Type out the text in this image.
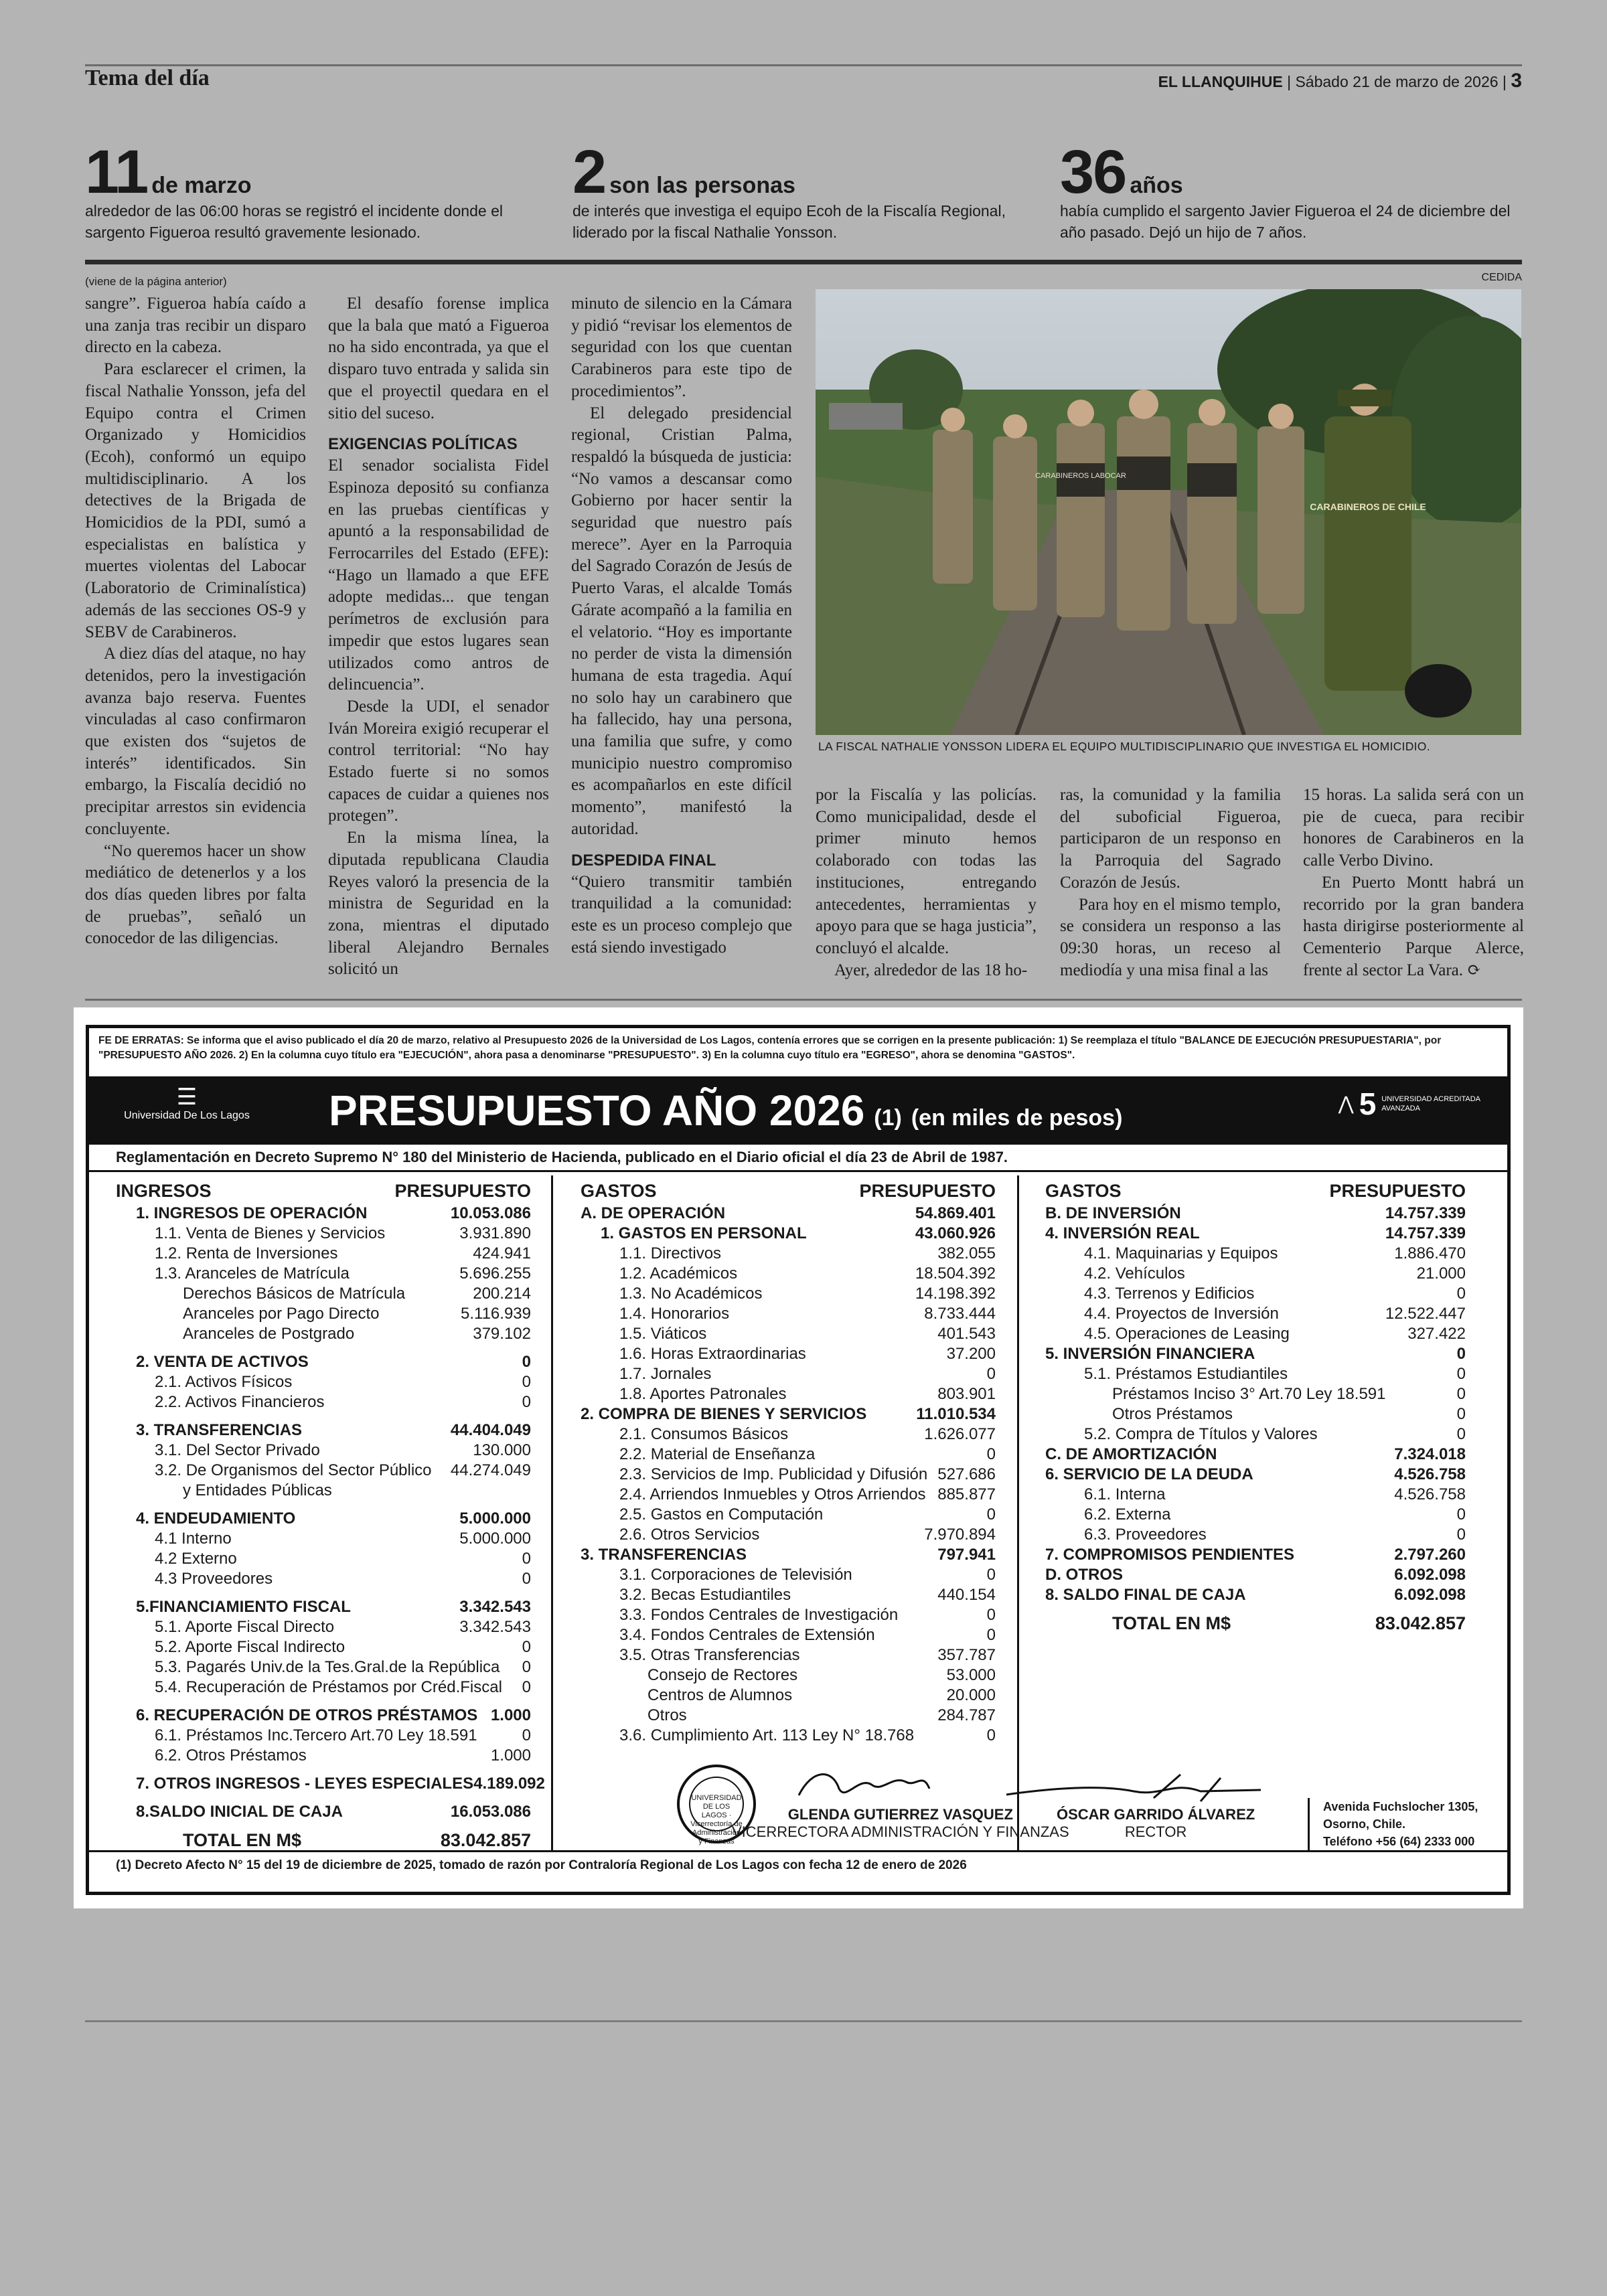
Tema del día	EL LLANQUIHUE | Sábado 21 de marzo de 2026 | 3
11 de marzo
alrededor de las 06:00 horas se registró el incidente donde el sargento Figueroa resultó gravemente lesionado.
2 son las personas
de interés que investiga el equipo Ecoh de la Fiscalía Regional, liderado por la fiscal Nathalie Yonsson.
36 años
había cumplido el sargento Javier Figueroa el 24 de diciembre del año pasado. Dejó un hijo de 7 años.
(viene de la página anterior)	CEDIDA

sangre”. Figueroa había caído a una zanja tras recibir un disparo directo en la cabeza.

Para esclarecer el crimen, la fiscal Nathalie Yonsson, jefa del Equipo contra el Crimen Organizado y Homicidios (Ecoh), conformó un equipo multidisciplinario. A los detectives de la Brigada de Homicidios de la PDI, sumó a especialistas en balística y muertes violentas del Labocar (Laboratorio de Criminalística) además de las secciones OS-9 y SEBV de Carabineros.

A diez días del ataque, no hay detenidos, pero la investigación avanza bajo reserva. Fuentes vinculadas al caso confirmaron que existen dos “sujetos de interés” identificados. Sin embargo, la Fiscalía decidió no precipitar arrestos sin evidencia concluyente.

“No queremos hacer un show mediático de detenerlos y a los dos días queden libres por falta de pruebas”, señaló un conocedor de las diligencias.

El desafío forense implica que la bala que mató a Figueroa no ha sido encontrada, ya que el disparo tuvo entrada y salida sin que el proyectil quedara en el sitio del suceso.

EXIGENCIAS POLÍTICAS

El senador socialista Fidel Espinoza depositó su confianza en las pruebas científicas y apuntó a la responsabilidad de Ferrocarriles del Estado (EFE): “Hago un llamado a que EFE adopte medidas... que tengan perímetros de exclusión para impedir que estos lugares sean utilizados como antros de delincuencia”.

Desde la UDI, el senador Iván Moreira exigió recuperar el control territorial: “No hay Estado fuerte si no somos capaces de cuidar a quienes nos protegen”.

En la misma línea, la diputada republicana Claudia Reyes valoró la presencia de la ministra de Seguridad en la zona, mientras el diputado liberal Alejandro Bernales solicitó un

minuto de silencio en la Cámara y pidió “revisar los elementos de seguridad con los que cuentan Carabineros para este tipo de procedimientos”.

El delegado presidencial regional, Cristian Palma, respaldó la búsqueda de justicia: “No vamos a descansar como Gobierno por hacer sentir la seguridad que nuestro país merece”. Ayer en la Parroquia del Sagrado Corazón de Jesús de Puerto Varas, el alcalde Tomás Gárate acompañó a la familia en el velatorio. “Hoy es importante no perder de vista la dimensión humana de esta tragedia. Aquí no solo hay un carabinero que ha fallecido, hay una persona, una familia que sufre, y como municipio nuestro compromiso es acompañarlos en este difícil momento”, manifestó la autoridad.

DESPEDIDA FINAL

“Quiero transmitir también tranquilidad a la comunidad: este es un proceso complejo que está siendo investigado

por la Fiscalía y las policías. Como municipalidad, desde el primer minuto hemos colaborado con todas las instituciones, entregando antecedentes, herramientas y apoyo para que se haga justicia”, concluyó el alcalde.

Ayer, alrededor de las 18 ho-

ras, la comunidad y la familia del suboficial Figueroa, participaron de un responso en la Parroquia del Sagrado Corazón de Jesús.

Para hoy en el mismo templo, se considera un responso a las 09:30 horas, un receso al mediodía y una misa final a las

15 horas. La salida será con un pie de cueca, para recibir honores de Carabineros en la calle Verbo Divino.

En Puerto Montt habrá un recorrido por la gran bandera hasta dirigirse posteriormente al Cementerio Parque Alerce, frente al sector La Vara. ⟳

CARABINEROS LABOCAR
CARABINEROS DE CHILE
LA FISCAL NATHALIE YONSSON LIDERA EL EQUIPO MULTIDISCIPLINARIO QUE INVESTIGA EL HOMICIDIO.
FE DE ERRATAS: Se informa que el aviso publicado el día 20 de marzo, relativo al Presupuesto 2026 de la Universidad de Los Lagos, contenía errores que se corrigen en la presente publicación: 1) Se reemplaza el título "BALANCE DE EJECUCIÓN PRESUPUESTARIA", por "PRESUPUESTO AÑO 2026. 2) En la columna cuyo título era "EJECUCIÓN", ahora pasa a denominarse "PRESUPUESTO". 3) En la columna cuyo título era "EGRESO", ahora se denomina "GASTOS".
☰
Universidad De Los Lagos PRESUPUESTO AÑO 2026 (1) (en miles de pesos)
⋀ 5 UNIVERSIDAD ACREDITADA
AVANZADA
Reglamentación en Decreto Supremo N° 180 del Ministerio de Hacienda, publicado en el Diario oficial el día 23 de Abril de 1987.
INGRESOS	PRESUPUESTO
1. INGRESOS DE OPERACIÓN	10.053.086
1.1. Venta de Bienes y Servicios	3.931.890
1.2. Renta de Inversiones	424.941
1.3. Aranceles de Matrícula	5.696.255
Derechos Básicos de Matrícula	200.214
Aranceles por Pago Directo	5.116.939
Aranceles de Postgrado	379.102
2. VENTA DE ACTIVOS	0
2.1. Activos Físicos	0
2.2. Activos Financieros	0
3. TRANSFERENCIAS	44.404.049
3.1. Del Sector Privado	130.000
3.2. De Organismos del Sector Público 44.274.049
y Entidades Públicas
4. ENDEUDAMIENTO	5.000.000
4.1 Interno	5.000.000
4.2 Externo	0
4.3 Proveedores	0
5.FINANCIAMIENTO FISCAL	3.342.543
5.1. Aporte Fiscal Directo	3.342.543
5.2. Aporte Fiscal Indirecto	0
5.3. Pagarés Univ.de la Tes.Gral.de la República 0
5.4. Recuperación de Préstamos por Créd.Fiscal 0
6. RECUPERACIÓN DE OTROS PRÉSTAMOS 1.000
6.1. Préstamos Inc.Tercero Art.70 Ley 18.591	0
6.2. Otros Préstamos	1.000
7. OTROS INGRESOS - LEYES ESPECIALES 4.189.092
8.SALDO INICIAL DE CAJA	16.053.086
TOTAL EN M$	83.042.857
GASTOS	PRESUPUESTO
A. DE OPERACIÓN	54.869.401
1. GASTOS EN PERSONAL	43.060.926
1.1. Directivos	382.055
1.2. Académicos	18.504.392
1.3. No Académicos	14.198.392
1.4. Honorarios	8.733.444
1.5. Viáticos	401.543
1.6. Horas Extraordinarias	37.200
1.7. Jornales	0
1.8. Aportes Patronales	803.901
2. COMPRA DE BIENES Y SERVICIOS	11.010.534
2.1. Consumos Básicos	1.626.077
2.2. Material de Enseñanza	0
2.3. Servicios de Imp. Publicidad y Difusión 527.686
2.4. Arriendos Inmuebles y Otros Arriendos 885.877
2.5. Gastos en Computación	0
2.6. Otros Servicios	7.970.894
3. TRANSFERENCIAS	797.941
3.1. Corporaciones de Televisión	0
3.2. Becas Estudiantiles	440.154
3.3. Fondos Centrales de Investigación	0
3.4. Fondos Centrales de Extensión	0
3.5. Otras Transferencias	357.787
Consejo de Rectores	53.000
Centros de Alumnos	20.000
Otros	284.787
3.6. Cumplimiento Art. 113 Ley N° 18.768	0
GASTOS	PRESUPUESTO
B. DE INVERSIÓN	14.757.339
4. INVERSIÓN REAL	14.757.339
4.1. Maquinarias y Equipos	1.886.470
4.2. Vehículos	21.000
4.3. Terrenos y Edificios	0
4.4. Proyectos de Inversión	12.522.447
4.5. Operaciones de Leasing	327.422
5. INVERSIÓN FINANCIERA	0
5.1. Préstamos Estudiantiles	0
Préstamos Inciso 3° Art.70 Ley 18.591	0
Otros Préstamos	0
5.2. Compra de Títulos y Valores	0
C. DE AMORTIZACIÓN	7.324.018
6. SERVICIO DE LA DEUDA	4.526.758
6.1. Interna	4.526.758
6.2. Externa	0
6.3. Proveedores	0
7. COMPROMISOS PENDIENTES	2.797.260
D. OTROS	6.092.098
8. SALDO FINAL DE CAJA	6.092.098
TOTAL EN M$	83.042.857
UNIVERSIDAD DE LOS LAGOS · Vicerrectoría de Administración y Finanzas
GLENDA GUTIERREZ VASQUEZ
VICERRECTORA ADMINISTRACIÓN Y FINANZAS
ÓSCAR GARRIDO ÁLVAREZ
RECTOR
Avenida Fuchslocher 1305,
Osorno, Chile.
Teléfono +56 (64) 2333 000
(1) Decreto Afecto N° 15 del 19 de diciembre de 2025, tomado de razón por Contraloría Regional de Los Lagos con fecha 12 de enero de 2026
